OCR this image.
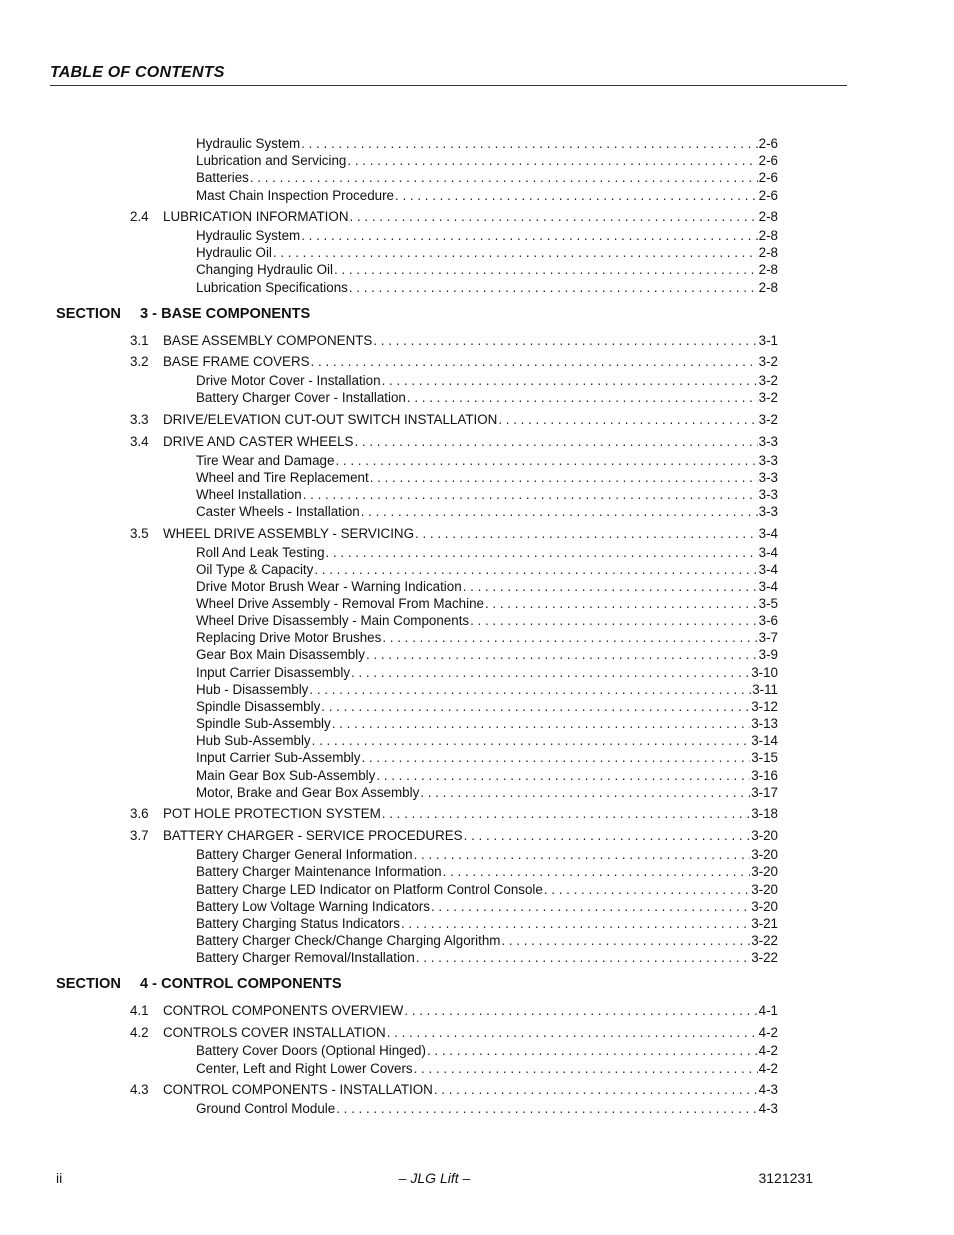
TABLE OF CONTENTS
Hydraulic System . . .	2-6
Lubrication and Servicing . . .	2-6
Batteries . . .	2-6
Mast Chain Inspection Procedure . . .	2-6
2.4	LUBRICATION INFORMATION . . .	2-8
Hydraulic System . . .	2-8
Hydraulic Oil . . .	2-8
Changing Hydraulic Oil . . .	2-8
Lubrication Specifications . . .	2-8
SECTION 3 - BASE COMPONENTS
3.1	BASE ASSEMBLY COMPONENTS . . .	3-1
3.2	BASE FRAME COVERS . . .	3-2
Drive Motor Cover - Installation . . .	3-2
Battery Charger Cover - Installation . . .	3-2
3.3	DRIVE/ELEVATION CUT-OUT SWITCH INSTALLATION . . .	3-2
3.4	DRIVE AND CASTER WHEELS . . .	3-3
Tire Wear and Damage . . .	3-3
Wheel and Tire Replacement . . .	3-3
Wheel Installation . . .	3-3
Caster Wheels - Installation . . .	3-3
3.5	WHEEL DRIVE ASSEMBLY - SERVICING . . .	3-4
Roll And Leak Testing . . .	3-4
Oil Type & Capacity . . .	3-4
Drive Motor Brush Wear - Warning Indication . . .	3-4
Wheel Drive Assembly - Removal From Machine . . .	3-5
Wheel Drive Disassembly - Main Components . . .	3-6
Replacing Drive Motor Brushes . . .	3-7
Gear Box Main Disassembly . . .	3-9
Input Carrier Disassembly . . .	3-10
Hub - Disassembly . . .	3-11
Spindle Disassembly . . .	3-12
Spindle Sub-Assembly . . .	3-13
Hub Sub-Assembly . . .	3-14
Input Carrier Sub-Assembly . . .	3-15
Main Gear Box Sub-Assembly . . .	3-16
Motor, Brake and Gear Box Assembly . . .	3-17
3.6	POT HOLE PROTECTION SYSTEM . . .	3-18
3.7	BATTERY CHARGER - SERVICE PROCEDURES . . .	3-20
Battery Charger General Information . . .	3-20
Battery Charger Maintenance Information . . .	3-20
Battery Charge LED Indicator on Platform Control Console . . .	3-20
Battery Low Voltage Warning Indicators . . .	3-20
Battery Charging Status Indicators . . .	3-21
Battery Charger Check/Change Charging Algorithm . . .	3-22
Battery Charger Removal/Installation . . .	3-22
SECTION 4 - CONTROL COMPONENTS
4.1	CONTROL COMPONENTS OVERVIEW . . .	4-1
4.2	CONTROLS COVER INSTALLATION . . .	4-2
Battery Cover Doors (Optional Hinged) . . .	4-2
Center, Left and Right Lower Covers . . .	4-2
4.3	CONTROL COMPONENTS - INSTALLATION . . .	4-3
Ground Control Module . . .	4-3
ii	– JLG Lift –	3121231
